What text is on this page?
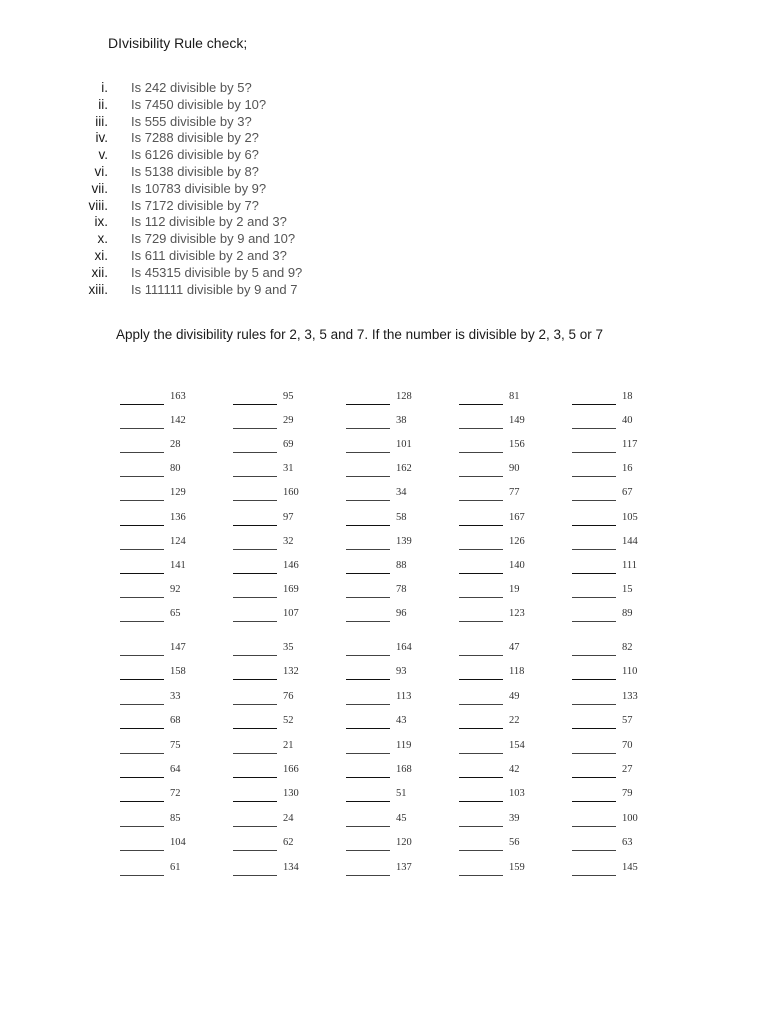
DIvisibility Rule check;
i. Is 242 divisible by 5?
ii. Is 7450 divisible by 10?
iii. Is 555 divisible by 3?
iv. Is 7288 divisible by 2?
v. Is 6126 divisible by 6?
vi. Is 5138 divisible by 8?
vii. Is 10783 divisible by 9?
viii. Is 7172 divisible by 7?
ix. Is 112 divisible by 2 and 3?
x. Is 729 divisible by 9 and 10?
xi. Is 611 divisible by 2 and 3?
xii. Is 45315 divisible by 5 and 9?
xiii. Is 111111 divisible by 9 and 7
Apply the divisibility rules for 2, 3, 5 and 7. If the number is divisible by 2, 3, 5 or 7
163	95	128	81	18
142	29	38	149	40
28	69	101	156	117
80	31	162	90	16
129	160	34	77	67
136	97	58	167	105
124	32	139	126	144
141	146	88	140	111
92	169	78	19	15
65	107	96	123	89
147	35	164	47	82
158	132	93	118	110
33	76	113	49	133
68	52	43	22	57
75	21	119	154	70
64	166	168	42	27
72	130	51	103	79
85	24	45	39	100
104	62	120	56	63
61	134	137	159	145
